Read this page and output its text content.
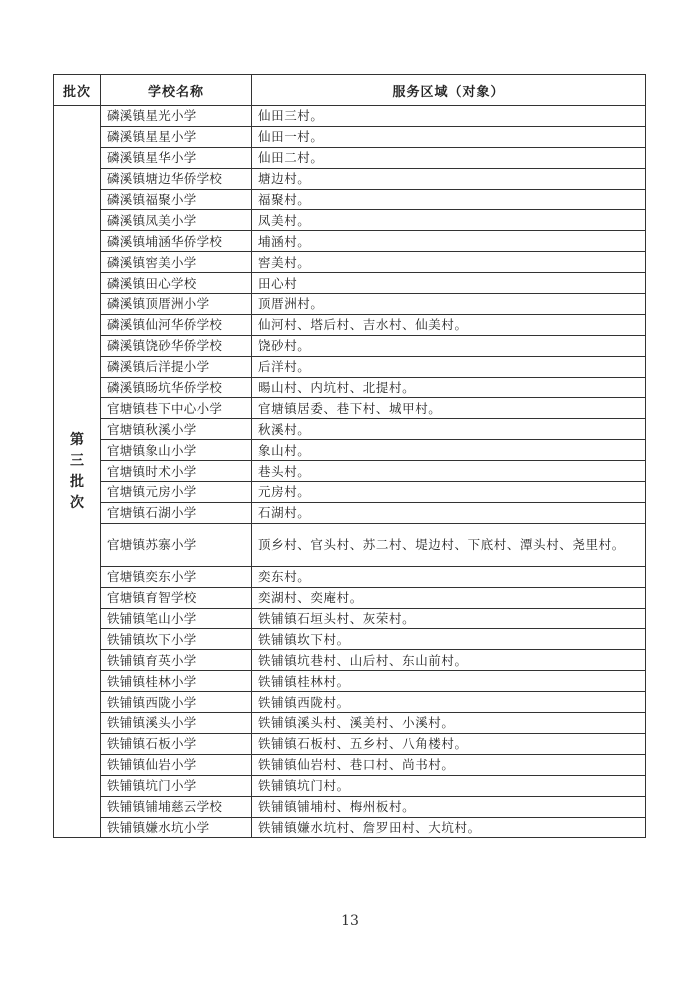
批次	学校名称	服务区域（对象）
第三批次	磷溪镇星光小学	仙田三村。
	磷溪镇星星小学	仙田一村。
	磷溪镇星华小学	仙田二村。
	磷溪镇塘边华侨学校	塘边村。
	磷溪镇福聚小学	福聚村。
	磷溪镇凤美小学	凤美村。
	磷溪镇埔涵华侨学校	埔涵村。
	磷溪镇窖美小学	窖美村。
	磷溪镇田心学校	田心村
	磷溪镇顶厝洲小学	顶厝洲村。
	磷溪镇仙河华侨学校	仙河村、塔后村、吉水村、仙美村。
	磷溪镇饶砂华侨学校	饶砂村。
	磷溪镇后洋提小学	后洋村。
	磷溪镇旸坑华侨学校	暘山村、内坑村、北提村。
	官塘镇巷下中心小学	官塘镇居委、巷下村、城甲村。
	官塘镇秋溪小学	秋溪村。
	官塘镇象山小学	象山村。
	官塘镇时术小学	巷头村。
	官塘镇元房小学	元房村。
	官塘镇石湖小学	石湖村。
	官塘镇苏寨小学	顶乡村、官头村、苏二村、堤边村、下底村、潭头村、尧里村。
	官塘镇奕东小学	奕东村。
	官塘镇育智学校	奕湖村、奕庵村。
	铁铺镇笔山小学	铁铺镇石垣头村、灰荣村。
	铁铺镇坎下小学	铁铺镇坎下村。
	铁铺镇育英小学	铁铺镇坑巷村、山后村、东山前村。
	铁铺镇桂林小学	铁铺镇桂林村。
	铁铺镇西陇小学	铁铺镇西陇村。
	铁铺镇溪头小学	铁铺镇溪头村、溪美村、小溪村。
	铁铺镇石板小学	铁铺镇石板村、五乡村、八角楼村。
	铁铺镇仙岩小学	铁铺镇仙岩村、巷口村、尚书村。
	铁铺镇坑门小学	铁铺镇坑门村。
	铁铺镇铺埔慈云学校	铁铺镇铺埔村、梅州板村。
	铁铺镇嫌水坑小学	铁铺镇嫌水坑村、詹罗田村、大坑村。
13
